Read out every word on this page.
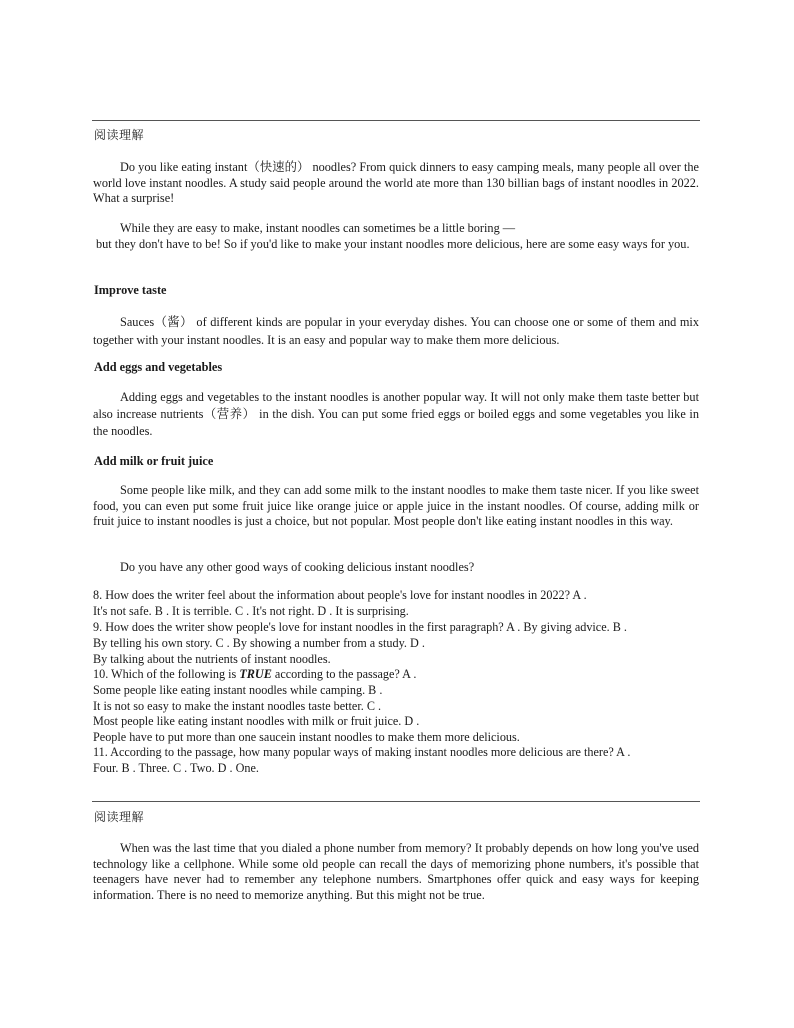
阅读理解

Do you like eating instant（快速的） noodles? From quick dinners to easy camping meals, many people all over the world love instant noodles. A study said people around the world ate more than 130 billian bags of instant noodles in 2022. What a surprise!

While they are easy to make, instant noodles can sometimes be a little boring —

but they don't have to be! So if you'd like to make your instant noodles more delicious, here are some easy ways for you.

Improve taste

Sauces（酱） of different kinds are popular in your everyday dishes. You can choose one or some of them and mix together with your instant noodles. It is an easy and popular way to make them more delicious.

Add eggs and vegetables

Adding eggs and vegetables to the instant noodles is another popular way. It will not only make them taste better but also increase nutrients（营养） in the dish. You can put some fried eggs or boiled eggs and some vegetables you like in the noodles.

Add milk or fruit juice

Some people like milk, and they can add some milk to the instant noodles to make them taste nicer. If you like sweet food, you can even put some fruit juice like orange juice or apple juice in the instant noodles. Of course, adding milk or fruit juice to instant noodles is just a choice, but not popular. Most people don't like eating instant noodles in this way.

Do you have any other good ways of cooking delicious instant noodles?

8. How does the writer feel about the information about people's love for instant noodles in 2022? A .

It's not safe. B . It is terrible. C . It's not right. D . It is surprising.

9. How does the writer show people's love for instant noodles in the first paragraph? A . By giving advice. B .

By telling his own story. C . By showing a number from a study. D .

By talking about the nutrients of instant noodles.

10. Which of the following is TRUE according to the passage? A .

Some people like eating instant noodles while camping. B .

It is not so easy to make the instant noodles taste better. C .

Most people like eating instant noodles with milk or fruit juice. D .

People have to put more than one saucein instant noodles to make them more delicious.

11. According to the passage, how many popular ways of making instant noodles more delicious are there? A .

Four. B . Three. C . Two. D . One.

阅读理解

When was the last time that you dialed a phone number from memory? It probably depends on how long you've used technology like a cellphone. While some old people can recall the days of memorizing phone numbers, it's possible that teenagers have never had to remember any telephone numbers. Smartphones offer quick and easy ways for keeping information. There is no need to memorize anything. But this might not be true.
